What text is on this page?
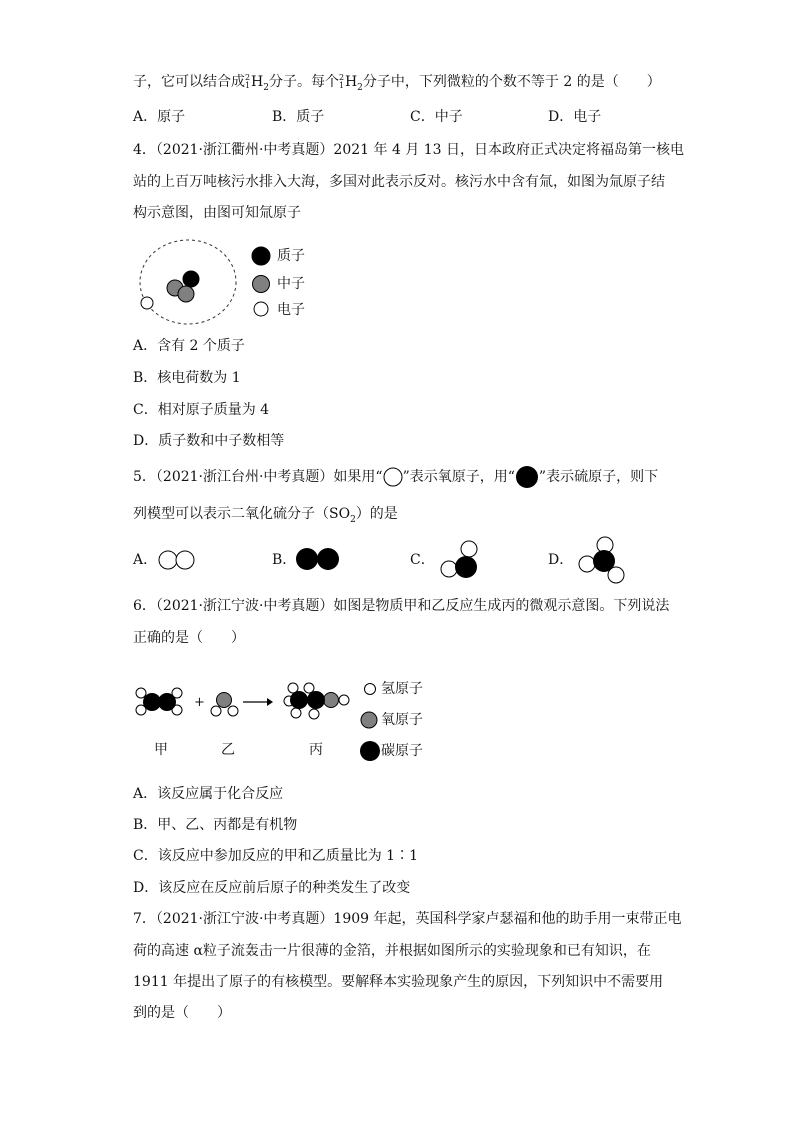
子，它可以结合成 2
1 $H_2$分子。每个 2
1 $H_2$分子中，下列微粒的个数不等于 2 的是（　　）
A．原子	B．质子	C．中子	D．电子
4．（2021·浙江衢州·中考真题）2021 年 4 月 13 日，日本政府正式决定将福岛第一核电
站的上百万吨核污水排入大海，多国对此表示反对。核污水中含有氚，如图为氚原子结
构示意图，由图可知氚原子
质子
中子
电子
A．含有 2 个质子
B．核电荷数为 1
C．相对原子质量为 4
D．质子数和中子数相等
5．（2021·浙江台州·中考真题）如果用“ ”表示氧原子，用“ ”表示硫原子，则下
列模型可以表示二氧化硫分子$(SO_2)$的是
A．	B．	C．	D．
6．（2021·浙江宁波·中考真题）如图是物质甲和乙反应生成丙的微观示意图。下列说法
正确的是（　　）
+
甲	乙	丙
氢原子
氧原子
碳原子
A．该反应属于化合反应
B．甲、乙、丙都是有机物
C．该反应中参加反应的甲和乙质量比为 1∶1
D．该反应在反应前后原子的种类发生了改变
7．（2021·浙江宁波·中考真题）1909 年起，英国科学家卢瑟福和他的助手用一束带正电
荷的高速 α粒子流轰击一片很薄的金箔，并根据如图所示的实验现象和已有知识，在
1911 年提出了原子的有核模型。要解释本实验现象产生的原因，下列知识中不需要用
到的是（　　）
